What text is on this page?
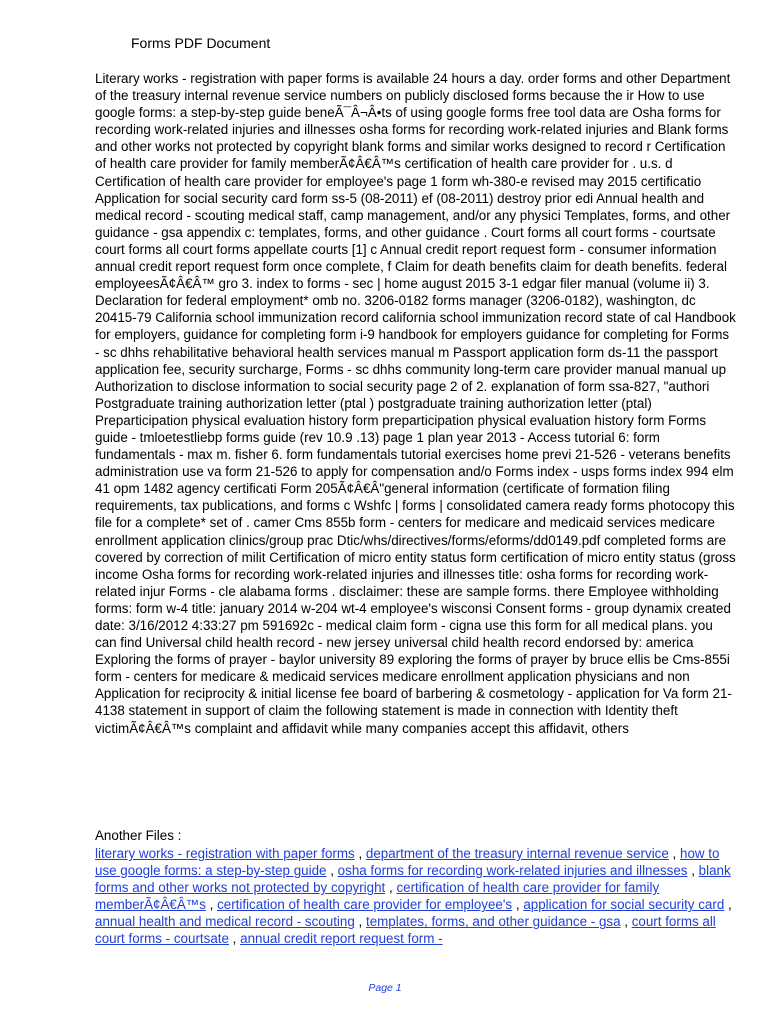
Forms PDF Document

Literary works - registration with paper forms is available 24 hours a day. order forms and other Department of the treasury internal revenue service numbers on publicly disclosed forms because the ir How to use google forms: a step-by-step guide beneÃ¯Â¬Â•ts of using google forms free tool data are Osha forms for recording work-related injuries and illnesses osha forms for recording work-related injuries and Blank forms and other works not protected by copyright blank forms and similar works designed to record r Certification of health care provider for family memberÃ¢Â€Â™s certification of health care provider for . u.s. d Certification of health care provider for employee's page 1 form wh-380-e revised may 2015 certificatio Application for social security card form ss-5 (08-2011) ef (08-2011) destroy prior edi Annual health and medical record - scouting medical staff, camp management, and/or any physici Templates, forms, and other guidance - gsa appendix c: templates, forms, and other guidance . Court forms all court forms - courtsate court forms all court forms appellate courts [1] c Annual credit report request form - consumer information annual credit report request form once complete, f Claim for death benefits claim for death benefits. federal employeesÃ¢Â€Â™ gro 3. index to forms - sec | home august 2015 3-1 edgar filer manual (volume ii) 3. Declaration for federal employment* omb no. 3206-0182 forms manager (3206-0182), washington, dc 20415-79 California school immunization record california school immunization record state of cal Handbook for employers, guidance for completing form i-9 handbook for employers guidance for completing for Forms - sc dhhs rehabilitative behavioral health services manual m Passport application form ds-11 the passport application fee, security surcharge, Forms - sc dhhs community long-term care provider manual manual up Authorization to disclose information to social security page 2 of 2. explanation of form ssa-827, "authori Postgraduate training authorization letter (ptal ) postgraduate training authorization letter (ptal) Preparticipation physical evaluation history form preparticipation physical evaluation history form Forms guide - tmloetestliebp forms guide (rev 10.9 .13) page 1 plan year 2013 - Access tutorial 6: form fundamentals - max m. fisher 6. form fundamentals tutorial exercises home previ 21-526 - veterans benefits administration use va form 21-526 to apply for compensation and/o Forms index - usps forms index 994 elm 41 opm 1482 agency certificati Form 205Ã¢Â€Â"general information (certificate of formation filing requirements, tax publications, and forms c Wshfc | forms | consolidated camera ready forms photocopy this file for a complete* set of . camer Cms 855b form - centers for medicare and medicaid services medicare enrollment application clinics/group prac Dtic/whs/directives/forms/eforms/dd0149.pdf completed forms are covered by correction of milit Certification of micro entity status form certification of micro entity status (gross income Osha forms for recording work-related injuries and illnesses title: osha forms for recording work-related injur Forms - cle alabama forms . disclaimer: these are sample forms. there Employee withholding forms: form w-4 title: january 2014 w-204 wt-4 employee's wisconsi Consent forms - group dynamix created date: 3/16/2012 4:33:27 pm 591692c - medical claim form - cigna use this form for all medical plans. you can find Universal child health record - new jersey universal child health record endorsed by: america Exploring the forms of prayer - baylor university 89 exploring the forms of prayer by bruce ellis be Cms-855i form - centers for medicare & medicaid services medicare enrollment application physicians and non Application for reciprocity & initial license fee board of barbering & cosmetology - application for Va form 21-4138 statement in support of claim the following statement is made in connection with Identity theft victimÃ¢Â€Â™s complaint and affidavit while many companies accept this affidavit, others

Another Files :

literary works - registration with paper forms , department of the treasury internal revenue service , how to use google forms: a step-by-step guide , osha forms for recording work-related injuries and illnesses , blank forms and other works not protected by copyright , certification of health care provider for family memberÃ¢Â€Â™s , certification of health care provider for employee's , application for social security card , annual health and medical record - scouting , templates, forms, and other guidance - gsa , court forms all court forms - courtsate , annual credit report request form -

Page 1
